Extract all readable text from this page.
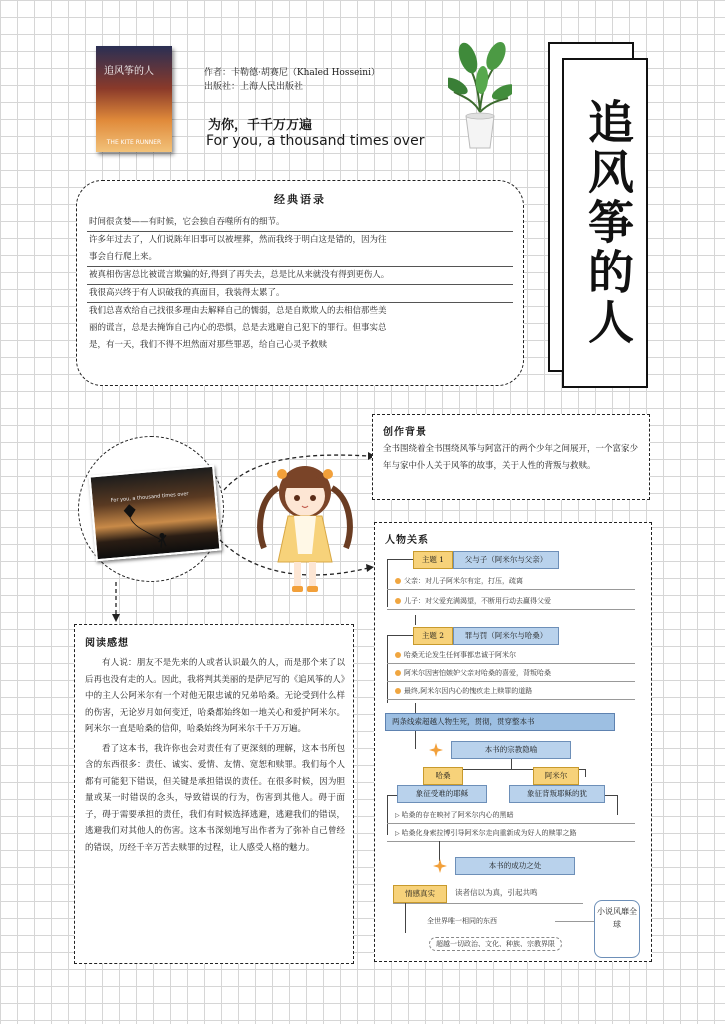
追风筝的人
THE KITE RUNNER
作者：卡勒德·胡赛尼（Khaled Hosseini）
出版社：上海人民出版社
为你，千千万万遍
For you, a thousand times over	追风筝的人
经典语录
时间很贪婪——有时候，它会独自吞噬所有的细节。
许多年过去了，人们说陈年旧事可以被埋葬，然而我终于明白这是错的，因为往
事会自行爬上来。
被真相伤害总比被谎言欺骗的好,得到了再失去，总是比从来就没有得到更伤人。
我很高兴终于有人识破我的真面目，我装得太累了。
我们总喜欢给自己找很多理由去解释自己的懦弱，总是自欺欺人的去相信那些美
丽的谎言，总是去掩饰自己内心的恐惧，总是去逃避自己犯下的罪行。但事实总
是，有一天，我们不得不坦然面对那些罪恶，给自己心灵予救赎
For you, a thousand times over
创作背景
全书围绕着全书围绕风筝与阿富汗的两个少年之间展开，一个富家少年与家中仆人关于风筝的故事，关于人性的背叛与救赎。
人物关系
主题 1	父与子（阿米尔与父亲）
父亲：对儿子阿米尔有定，打压，疏离
儿子：对父爱充满渴望，不断用行动去赢得父爱
主题 2	罪与罚（阿米尔与哈桑）
哈桑无论发生任何事都忠诚于阿米尔
阿米尔因害怕嫉妒父亲对哈桑的喜爱，背叛哈桑
最终,阿米尔因内心的愧疚走上赎罪的道路
两条线索超越人物生死，贯彻，贯穿整本书
本书的宗教隐喻
哈桑
象征受难的耶稣
阿米尔
象征背叛耶稣的犹
▷ 哈桑的存在映衬了阿米尔内心的黑暗
▷ 哈桑化身索拉博引导阿米尔走向重新成为好人的赎罪之路
本书的成功之处
情感真实	读者信以为真，引起共鸣
全世界唯一相同的东西
超越一切政治、文化、种族、宗教界限
小说风靡全球
阅读感想

有人说：朋友不是先来的人或者认识最久的人，而是那个来了以后再也没有走的人。因此，我将判其美丽的是萨尼写的《追风筝的人》中的主人公阿米尔有一个对他无限忠诚的兄弟哈桑。无论受到什么样的伤害，无论岁月如何变迁，哈桑都始终如一地关心和爱护阿米尔。阿米尔一直是哈桑的信仰，哈桑始终为阿米尔千千万万遍。

看了这本书，我许你也会对责任有了更深刻的理解，这本书所包含的东西很多：责任、诚实、爱情、友情、宽恕和赎罪。我们每个人都有可能犯下错误，但关键是承担错误的责任。在很多时候，因为胆量或某一时错误的念头，导致错误的行为，伤害到其他人。碍于面子，碍于需要承担的责任，我们有时候选择逃避，逃避我们的错误，逃避我们对其他人的伤害。这本书深刻地写出作者为了弥补自己曾经的错误，历经千辛万苦去赎罪的过程，让人感受人格的魅力。
